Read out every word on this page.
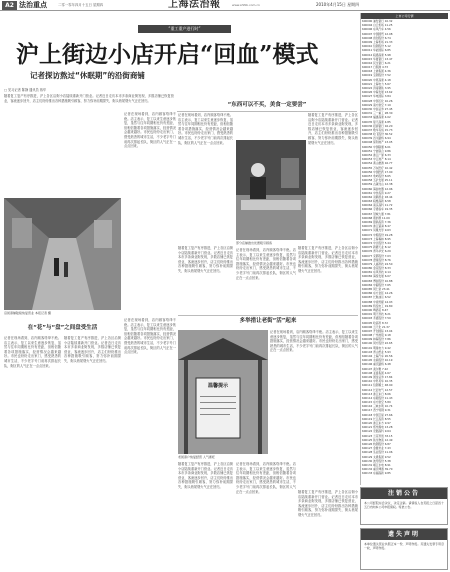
A2 法治重点	二零一零年四月十五日 星期四	上海法治報	www.shfzb.com.cn	2010年4月15日 星期四
“重工重产进行时”
沪上街边小店开启“回血”模式
记者探访熬过“休眠期”的沿街商铺
□ 见习记者 陈静 通讯员 蒋华
随着复工复产有序推进，沪上各区沿街小店陆续重新开门营业。记者近日走访本市多条商业街发现，多数店铺已恢复营业，客流逐步回升，店主们纷纷推出各种措施吸引顾客，努力弥补前期损失，街头巷尾烟火气正在回归。
“东西可以不买，美食一定要尝”
沿街商铺陆续恢复营业 本报记者 摄
记者在现场看到，店内顾客络绎不绝。店主表示，复工以来生意逐步恢复，虽然与往年同期相比仍有差距，但相信随着各项措施落实，经营情况会越来越好。市民也纷纷走出家门，感受熟悉的城市生活，不少老字号门前再次排起长队，街区的人气正在一点点回来。
在“花”与“盘”之间盘受生活
记者在现场看到，店内顾客络绎不绝。店主表示，复工以来生意逐步恢复，虽然与往年同期相比仍有差距，但相信随着各项措施落实，经营情况会越来越好。市民也纷纷走出家门，感受熟悉的城市生活，不少老字号门前再次排起长队，街区的人气正在一点点回来。
随着复工复产有序推进，沪上各区沿街小店陆续重新开门营业。记者近日走访本市多条商业街发现，多数店铺已恢复营业，客流逐步回升，店主们纷纷推出各种措施吸引顾客，努力弥补前期损失，街头巷尾烟火气正在回归。
记者在现场看到，店内顾客络绎不绝。店主表示，复工以来生意逐步恢复，虽然与往年同期相比仍有差距，但相信随着各项措施落实，经营情况会越来越好。市民也纷纷走出家门，感受熟悉的城市生活，不少老字号门前再次排起长队，街区的人气正在一点点回来。
记者在现场看到，店内顾客络绎不绝。店主表示，复工以来生意逐步恢复，虽然与往年同期相比仍有差距，但相信随着各项措施落实，经营情况会越来越好。市民也纷纷走出家门，感受熟悉的城市生活，不少老字号门前再次排起长队，街区的人气正在一点点回来。
部分店铺推出优惠吸引顾客
随着复工复产有序推进，沪上各区沿街小店陆续重新开门营业。记者近日走访本市多条商业街发现，多数店铺已恢复营业，客流逐步回升，店主们纷纷推出各种措施吸引顾客，努力弥补前期损失，街头巷尾烟火气正在回归。
随着复工复产有序推进，沪上各区沿街小店陆续重新开门营业。记者近日走访本市多条商业街发现，多数店铺已恢复营业，客流逐步回升，店主们纷纷推出各种措施吸引顾客，努力弥补前期损失，街头巷尾烟火气正在回归。
记者在现场看到，店内顾客络绎不绝。店主表示，复工以来生意逐步恢复，虽然与往年同期相比仍有差距，但相信随着各项措施落实，经营情况会越来越好。市民也纷纷走出家门，感受熟悉的城市生活，不少老字号门前再次排起长队，街区的人气正在一点点回来。
随着复工复产有序推进，沪上各区沿街小店陆续重新开门营业。记者近日走访本市多条商业街发现，多数店铺已恢复营业，客流逐步回升，店主们纷纷推出各种措施吸引顾客，努力弥补前期损失，街头巷尾烟火气正在回归。
多举措让老街“活”起来
温馨提示
老街商户恢复经营 人气渐旺
记者在现场看到，店内顾客络绎不绝。店主表示，复工以来生意逐步恢复，虽然与往年同期相比仍有差距，但相信随着各项措施落实，经营情况会越来越好。市民也纷纷走出家门，感受熟悉的城市生活，不少老字号门前再次排起长队，街区的人气正在一点点回来。
随着复工复产有序推进，沪上各区沿街小店陆续重新开门营业。记者近日走访本市多条商业街发现，多数店铺已恢复营业，客流逐步回升，店主们纷纷推出各种措施吸引顾客，努力弥补前期损失，街头巷尾烟火气正在回归。
记者在现场看到，店内顾客络绎不绝。店主表示，复工以来生意逐步恢复，虽然与往年同期相比仍有差距，但相信随着各项措施落实，经营情况会越来越好。市民也纷纷走出家门，感受熟悉的城市生活，不少老字号门前再次排起长队，街区的人气正在一点点回来。	随着复工复产有序推进，沪上各区沿街小店陆续重新开门营业。记者近日走访本市多条商业街发现，多数店铺已恢复营业，客流逐步回升，店主们纷纷推出各种措施吸引顾客，努力弥补前期损失，街头巷尾烟火气正在回归。
上市公司行情
600000 浦发银行 10.32
600004 白云机场 11.25
600006 东风汽车 4.56
600007 中国国贸 12.08
600008 首创股份 6.74
600009 上海机场 21.33
600010 包钢股份 5.12
600011 华能国际 6.85
600012 皖通高速 5.98
600015 华夏银行 13.47
600016 民生银行 6.21
600017 日照港 4.73
600018 上港集团 4.36
600019 宝钢股份 7.52
600020 中原高速 4.18
600021 上海电力 5.67
600022 济南钢铁 3.95
600026 中海发展 13.62
600027 华电国际 3.84
600028 中国石化 10.26
600029 南方航空 7.19
600030 中信证券 27.45
600031 三一重工 28.30
600033 福建高速 4.02
600035 楚天高速 4.85
600036 招商银行 16.20
600037 歌华有线 15.73
600038 哈飞股份 36.52
600039 四川路桥 6.94
600048 保利地产 13.05
600050 中国联通 6.01
600051 宁波联合 9.86
600052 浙江广厦 6.33
600053 中江地产 8.14
600054 黄山旅游 16.77
600055 万东医疗 10.42
600056 中国医药 17.90
600057 象屿股份 8.65
600058 五矿发展 25.11
600059 古越龙山 12.38
600060 海信电器 12.96
600061 中纺投资 9.27
600062 双鹤药业 18.44
600063 皖维高新 6.58
600064 南京高科 11.72
600066 宇通客车 19.35
600067 冠城大通 7.81
600068 葛洲坝 11.09
600069 银鸽投资 7.36
600070 浙江富润 8.47
600071 凤凰光学 9.63
600072 中船股份 19.28
600073 上海梅林 8.95
600074 中达股份 5.44
600075 新疆天业 8.12
600076 青鸟华光 6.29
600077 宋都股份 7.03
600078 澄星股份 8.76
600079 人福科技 24.50
600080 金花股份 8.33
600081 东风科技 9.14
600082 海泰发展 6.07
600083 博信股份 10.88
600084 中葡股份 7.65
600085 同仁堂 23.41
600086 东方金钰 14.26
600087 长航油运 6.52
600088 中视传媒 14.93
600089 特变电工 19.80
600090 啤酒花 8.47
600091 明天科技 8.21
600093 禾嘉股份 7.59
600095 哈高科 8.72
600096 云天化 21.37
600097 开创国际 13.04
600098 广州控股 9.18
600099 林海股份 7.86
600100 同方股份 22.65
600101 明星电力 9.42
600103 青山纸业 5.93
600104 上海汽车 20.56
600105 永鼎股份 10.19
600106 重庆路桥 6.48
600107 美尔雅 7.22
600108 亚盛集团 4.67
600109 国金证券 17.84
600110 中科英华 10.35
600111 包钢稀土 48.90
600112 长征电气 12.57
600113 浙江东日 8.06
600114 东睦股份 11.43
600115 东方航空 5.89
600116 三峡水利 10.74
600117 西宁特钢 9.31
600118 中国卫星 27.66
600119 长江投资 8.55
600120 浙江东方 9.97
600121 郑州煤电 13.28
600122 宏图高科 9.64
600123 兰花科创 33.15
600125 铁龙物流 12.49
600126 杭钢股份 6.87
600127 金健米业 7.43
600128 弘业股份 11.06
600129 太极集团 9.52
600130 波导股份 5.38
600131 岷江水电 8.91
600132 重庆啤酒 39.70
600133 东湖高新 9.85
注销公告
本公司经股东会决议，决定注销。请债权人自见报之日起四十五日内向本公司申报债权。特此公告。
遗失声明
本单位遗失营业执照正本一份，声明作废。另遗失发票专用章一枚，声明作废。
